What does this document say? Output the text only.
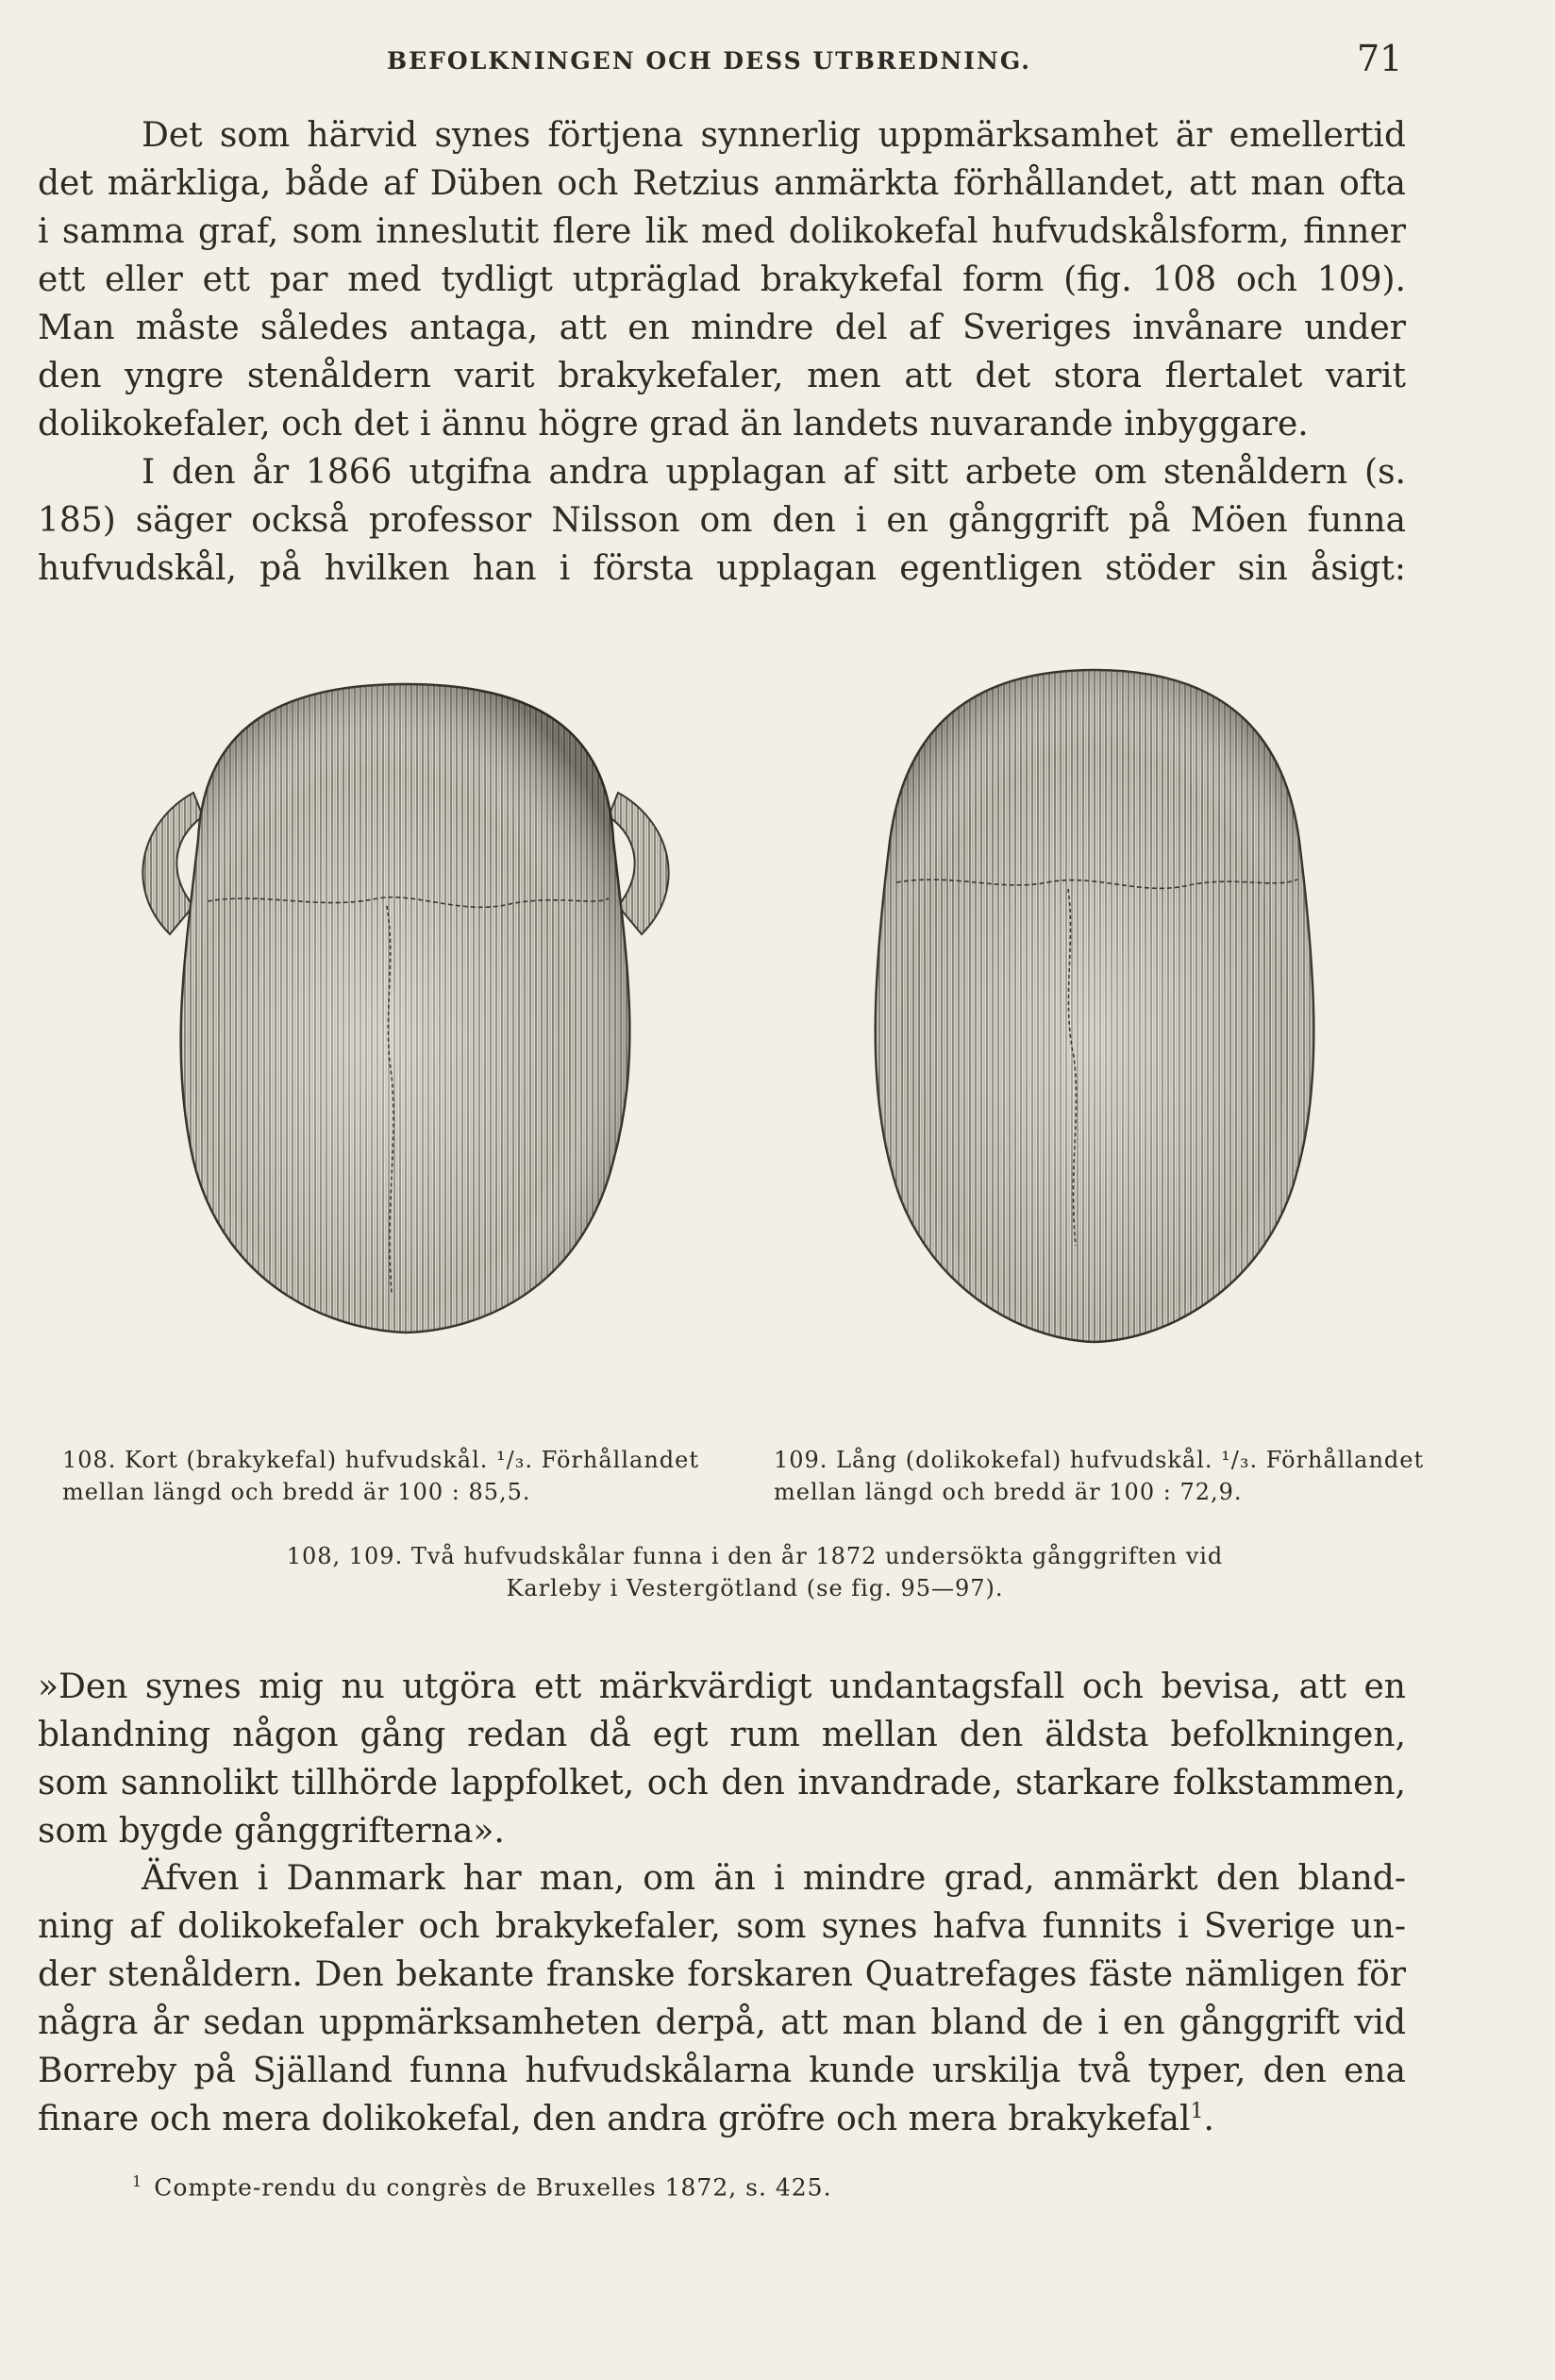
BEFOLKNINGEN OCH DESS UTBREDNING.	71
Det som härvid synes förtjena synnerlig uppmärksamhet är emellertid
det märkliga, både af Düben och Retzius anmärkta förhållandet, att man ofta
i samma graf, som inneslutit flere lik med dolikokefal hufvudskålsform, finner
ett eller ett par med tydligt utpräglad brakykefal form (fig. 108 och 109).
Man måste således antaga, att en mindre del af Sveriges invånare under
den yngre stenåldern varit brakykefaler, men att det stora flertalet varit
dolikokefaler, och det i ännu högre grad än landets nuvarande inbyggare.
I den år 1866 utgifna andra upplagan af sitt arbete om stenåldern (s.
185) säger också professor Nilsson om den i en gånggrift på Möen funna
hufvudskål, på hvilken han i första upplagan egentligen stöder sin åsigt:
108. Kort (brakykefal) hufvudskål. ¹/₃. Förhållandet mellan längd och bredd är 100 : 85,5.
109. Lång (dolikokefal) hufvudskål. ¹/₃. Förhållandet mellan längd och bredd är 100 : 72,9.
108, 109. Två hufvudskålar funna i den år 1872 undersökta gånggriften vid
Karleby i Vestergötland (se fig. 95—97).
»Den synes mig nu utgöra ett märkvärdigt undantagsfall och bevisa, att en
blandning någon gång redan då egt rum mellan den äldsta befolkningen,
som sannolikt tillhörde lappfolket, och den invandrade, starkare folkstammen,
som bygde gånggrifterna».
Äfven i Danmark har man, om än i mindre grad, anmärkt den bland-
ning af dolikokefaler och brakykefaler, som synes hafva funnits i Sverige un-
der stenåldern. Den bekante franske forskaren Quatrefages fäste nämligen för
några år sedan uppmärksamheten derpå, att man bland de i en gånggrift vid
Borreby på Själland funna hufvudskålarna kunde urskilja två typer, den ena
finare och mera dolikokefal, den andra gröfre och mera brakykefal$^1$.
$^1$ Compte-rendu du congrès de Bruxelles 1872, s. 425.
